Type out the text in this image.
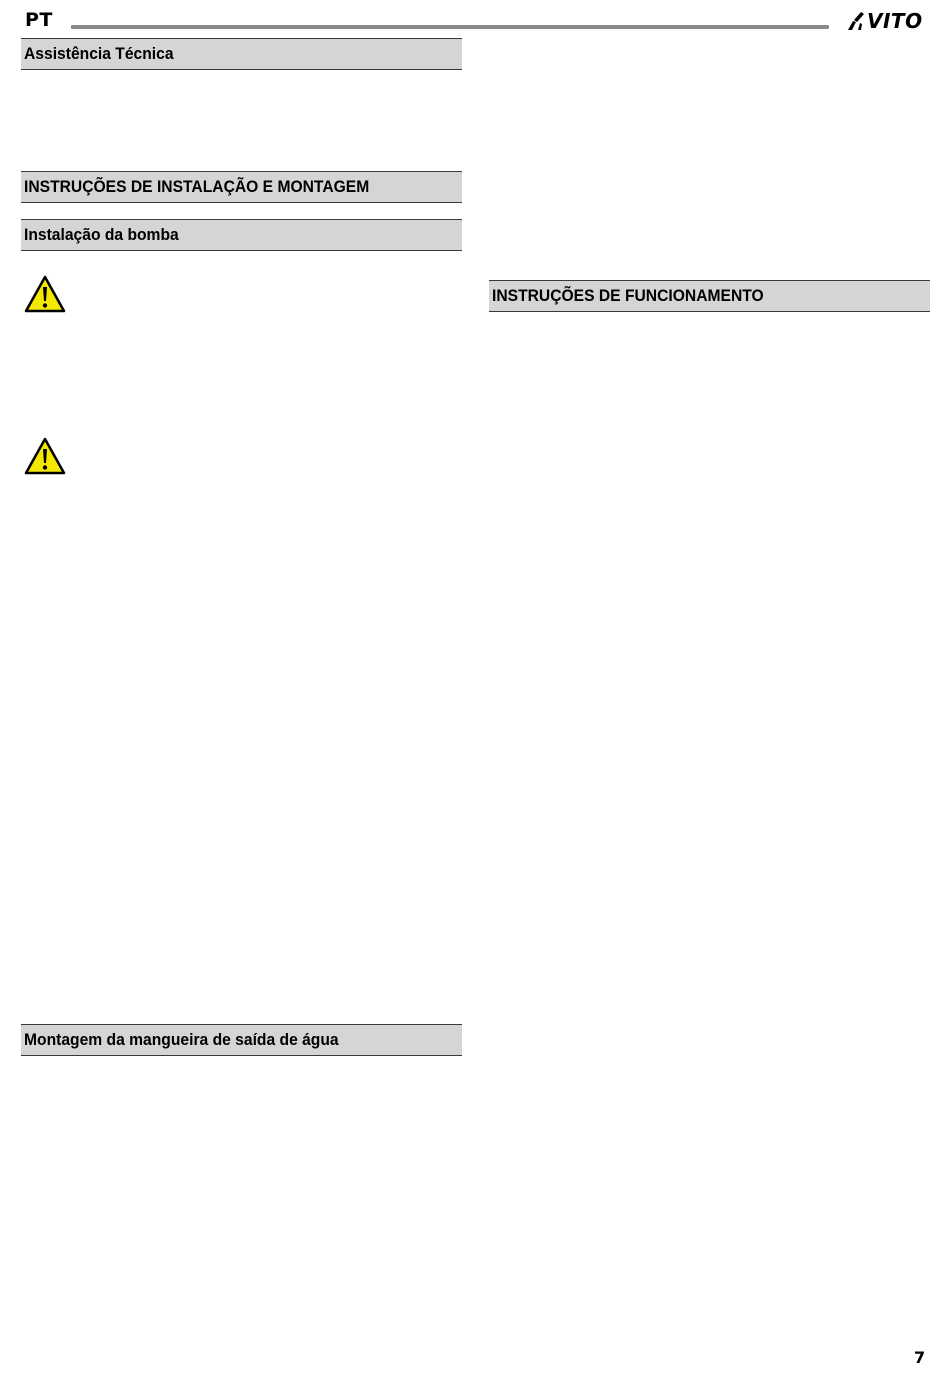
PT	VITO
Assistência Técnica
INSTRUÇÕES DE INSTALAÇÃO E MONTAGEM
Instalação da bomba
Montagem da mangueira de saída de água
INSTRUÇÕES DE FUNCIONAMENTO
7
